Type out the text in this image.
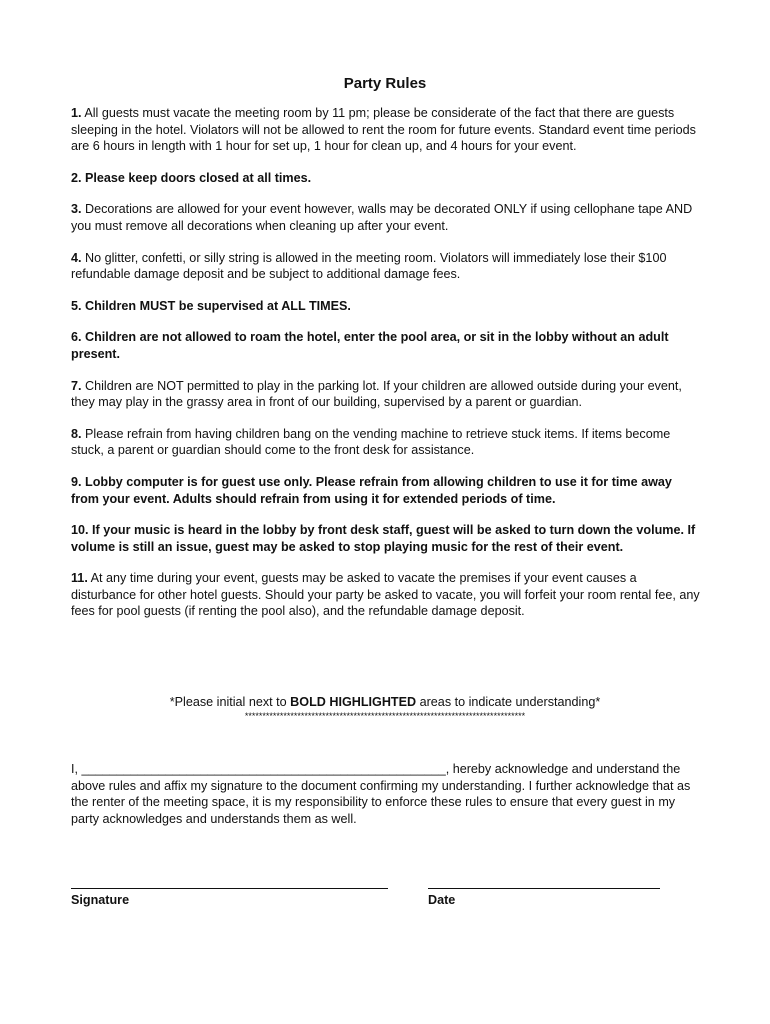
Party Rules

1. All guests must vacate the meeting room by 11 pm; please be considerate of the fact that there are guests sleeping in the hotel. Violators will not be allowed to rent the room for future events. Standard event time periods are 6 hours in length with 1 hour for set up, 1 hour for clean up, and 4 hours for your event.

2. Please keep doors closed at all times.

3. Decorations are allowed for your event however, walls may be decorated ONLY if using cellophane tape AND you must remove all decorations when cleaning up after your event.

4. No glitter, confetti, or silly string is allowed in the meeting room. Violators will immediately lose their $100 refundable damage deposit and be subject to additional damage fees.

5. Children MUST be supervised at ALL TIMES.

6. Children are not allowed to roam the hotel, enter the pool area, or sit in the lobby without an adult present.

7. Children are NOT permitted to play in the parking lot. If your children are allowed outside during your event, they may play in the grassy area in front of our building, supervised by a parent or guardian.

8. Please refrain from having children bang on the vending machine to retrieve stuck items. If items become stuck, a parent or guardian should come to the front desk for assistance.

9. Lobby computer is for guest use only. Please refrain from allowing children to use it for time away from your event. Adults should refrain from using it for extended periods of time.

10. If your music is heard in the lobby by front desk staff, guest will be asked to turn down the volume. If volume is still an issue, guest may be asked to stop playing music for the rest of their event.

11. At any time during your event, guests may be asked to vacate the premises if your event causes a disturbance for other hotel guests. Should your party be asked to vacate, you will forfeit your room rental fee, any fees for pool guests (if renting the pool also), and the refundable damage deposit.

*Please initial next to BOLD HIGHLIGHTED areas to indicate understanding*
********************************************************************************
I, ____________________________________________________, hereby acknowledge and understand the above rules and affix my signature to the document confirming my understanding. I further acknowledge that as the renter of the meeting space, it is my responsibility to enforce these rules to ensure that every guest in my party acknowledges and understands them as well.
Signature	Date
